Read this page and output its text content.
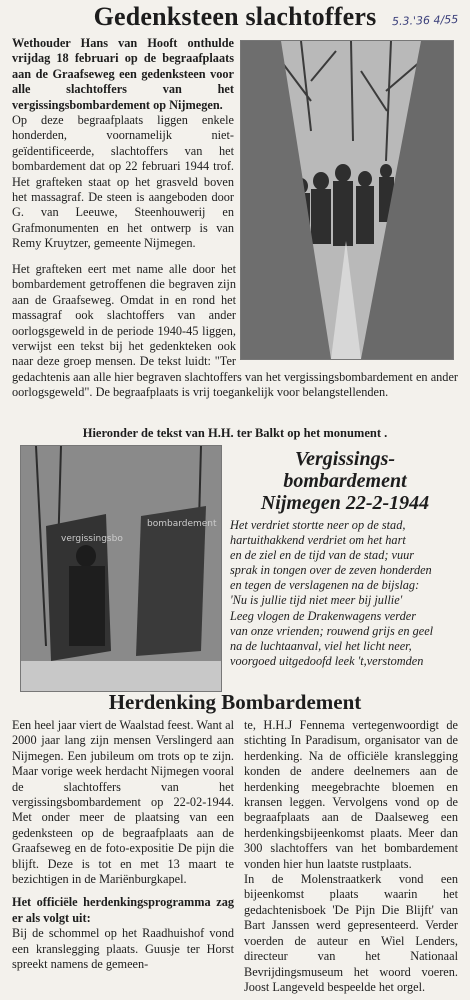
Gedenksteen slachtoffers	5.3.'36 4/55

Wethouder Hans van Hooft onthulde vrijdag 18 februari op de begraafplaats aan de Graafseweg een gedenksteen voor alle slachtoffers van het vergissingsbombardement op Nijmegen.

Op deze begraafplaats liggen enkele honderden, voornamelijk niet-geïdentificeerde, slachtoffers van het bombardement dat op 22 februari 1944 trof. Het grafteken staat op het grasveld boven het massagraf. De steen is aangeboden door G. van Leeuwe, Steenhouwerij en Grafmonumenten en het ontwerp is van Remy Kruytzer, gemeente Nijmegen.

Het grafteken eert met name alle door het bombardement getroffenen die begraven zijn aan de Graafseweg. Omdat in en rond het massagraf ook slachtoffers van ander oorlogsgeweld in de periode 1940-45 liggen, verwijst een tekst bij het gedenkteken ook naar deze groep mensen. De tekst luidt: "Ter gedachtenis aan alle hier begraven slachtoffers van het vergissingsbombardement en ander oorlogsgeweld". De begraafplaats is vrij toegankelijk voor belangstellenden.

Hieronder de tekst van H.H. ter Balkt op het monument .
vergissingsbo
bombardement
Vergissings-
bombardement
Nijmegen 22-2-1944
Het verdriet stortte neer op de stad,
hartuithakkend verdriet om het hart
en de ziel en de tijd van de stad; vuur
sprak in tongen over de zeven honderden
en tegen de verslagenen na de bijslag:
'Nu is jullie tijd niet meer bij jullie'
Leeg vlogen de Drakenwagens verder
van onze vrienden; rouwend grijs en geel
na de luchtaanval, viel het licht neer,
voorgoed uitgedoofd leek 't,verstomden
Herdenking Bombardement

Een heel jaar viert de Waalstad feest. Want al 2000 jaar lang zijn mensen Verslingerd aan Nijmegen. Een jubileum om trots op te zijn. Maar vorige week herdacht Nijmegen vooral de slachtoffers van het vergissingsbombardement op 22-02-1944. Met onder meer de plaatsing van een gedenksteen op de begraafplaats aan de Graafseweg en de foto-expositie De pijn die blijft. Deze is tot en met 13 maart te bezichtigen in de Mariënburgkapel.

Het officiële herdenkingsprogramma zag er als volgt uit:

Bij de schommel op het Raadhuishof vond een kranslegging plaats. Guusje ter Horst spreekt namens de gemeen-

te, H.H.J Fennema vertegenwoordigt de stichting In Paradisum, organisator van de herdenking. Na de officiële kranslegging konden de andere deelnemers aan de herdenking meegebrachte bloemen en kransen leggen. Vervolgens vond op de begraafplaats aan de Daalseweg een herdenkingsbijeenkomst plaats. Meer dan 300 slachtoffers van het bombardement vonden hier hun laatste rustplaats.

In de Molenstraatkerk vond een bijeenkomst plaats waarin het gedachtenisboek 'De Pijn Die Blijft' van Bart Janssen werd gepresenteerd. Verder voerden de auteur en Wiel Lenders, directeur van het Nationaal Bevrijdingsmuseum het woord voeren. Joost Langeveld bespeelde het orgel.
